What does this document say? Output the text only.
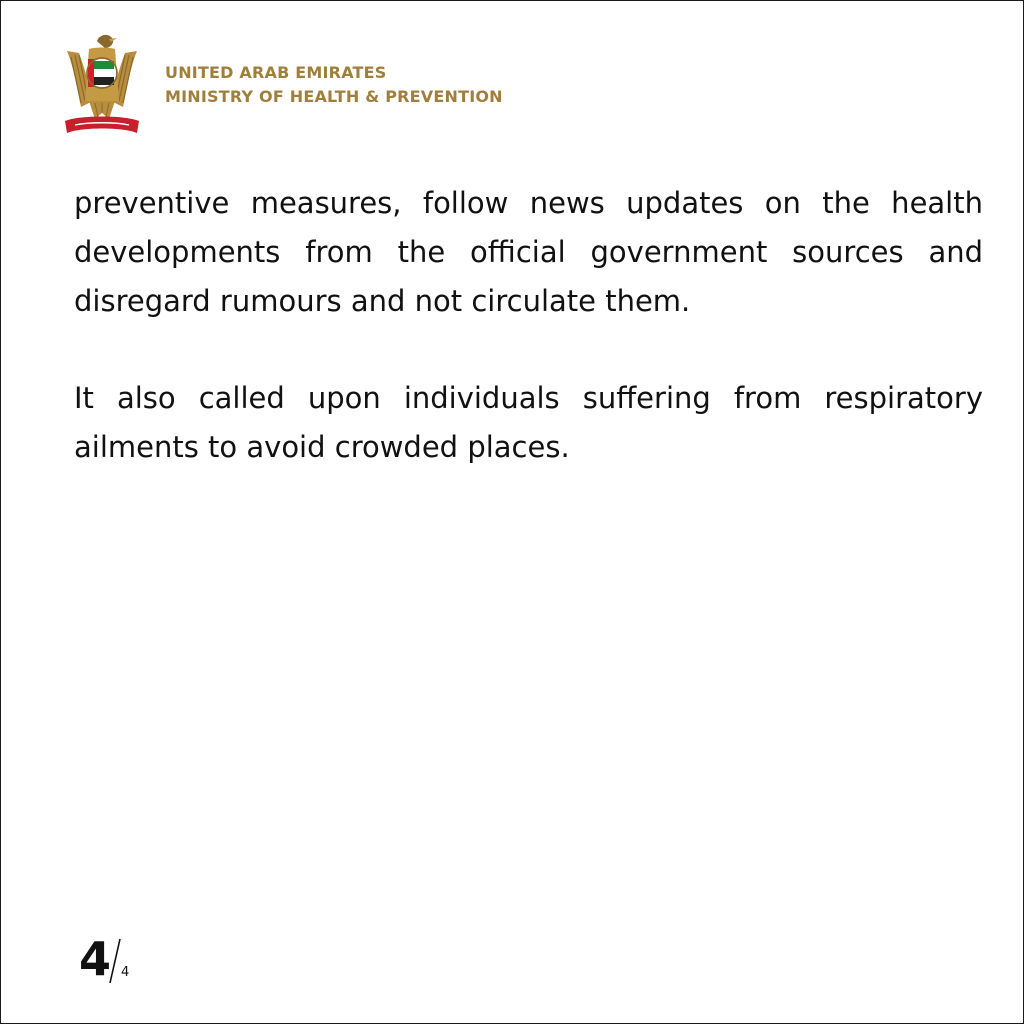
UNITED ARAB EMIRATES
MINISTRY OF HEALTH & PREVENTION

preventive measures, follow news updates on the health developments from the official government sources and disregard rumours and not circulate them.

It also called upon individuals suffering from respiratory ailments to avoid crowded places.

4 4
